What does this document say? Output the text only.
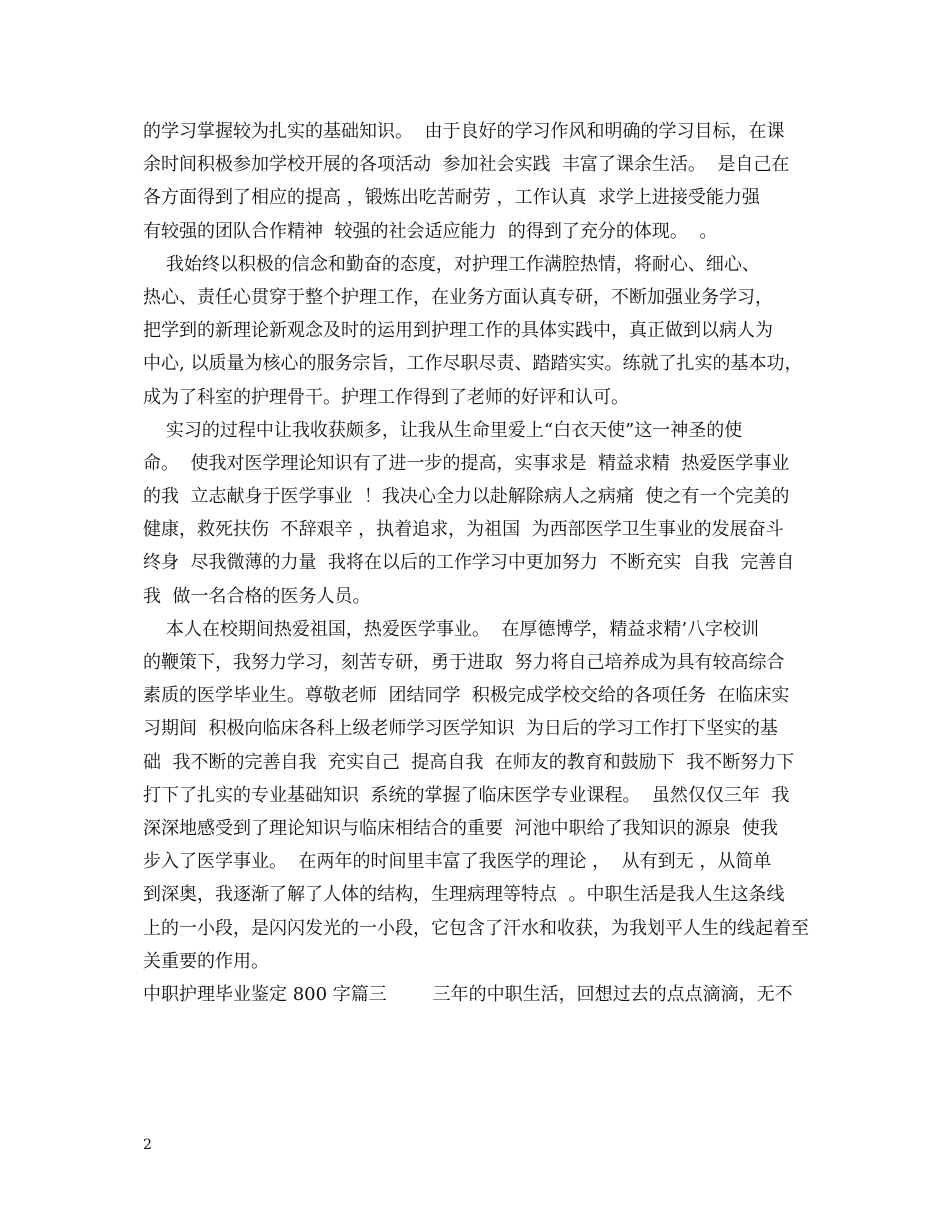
的学习掌握较为扎实的基础知识。  由于良好的学习作风和明确的学习目标，在课
余时间积极参加学校开展的各项活动  参加社会实践  丰富了课余生活。  是自己在
各方面得到了相应的提高 ，锻炼出吃苦耐劳 ，工作认真  求学上进接受能力强
有较强的团队合作精神  较强的社会适应能力  的得到了充分的体现。  。
我始终以积极的信念和勤奋的态度，对护理工作满腔热情，将耐心、细心、
热心、责任心贯穿于整个护理工作，在业务方面认真专研，不断加强业务学习，
把学到的新理论新观念及时的运用到护理工作的具体实践中，真正做到以病人为
中心, 以质量为核心的服务宗旨，工作尽职尽责、踏踏实实。练就了扎实的基本功，
成为了科室的护理骨干。护理工作得到了老师的好评和认可。
实习的过程中让我收获颇多，让我从生命里爱上“白衣天使”这一神圣的使
命。  使我对医学理论知识有了进一步的提高，实事求是  精益求精  热爱医学事业
的我  立志献身于医学事业  ！我决心全力以赴解除病人之病痛  使之有一个完美的
健康，救死扶伤  不辞艰辛 ，执着追求，为祖国  为西部医学卫生事业的发展奋斗
终身  尽我微薄的力量  我将在以后的工作学习中更加努力  不断充实  自我  完善自
我  做一名合格的医务人员。
本人在校期间热爱祖国，热爱医学事业。  在厚德博学，精益求精’八字校训
的鞭策下，我努力学习，刻苦专研，勇于进取  努力将自己培养成为具有较高综合
素质的医学毕业生。尊敬老师  团结同学  积极完成学校交给的各项任务  在临床实
习期间  积极向临床各科上级老师学习医学知识  为日后的学习工作打下坚实的基
础  我不断的完善自我  充实自己  提高自我  在师友的教育和鼓励下  我不断努力下
打下了扎实的专业基础知识  系统的掌握了临床医学专业课程。  虽然仅仅三年  我
深深地感受到了理论知识与临床相结合的重要  河池中职给了我知识的源泉  使我
步入了医学事业。  在两年的时间里丰富了我医学的理论 ，  从有到无 ，从简单
到深奥，我逐渐了解了人体的结构，生理病理等特点  。中职生活是我人生这条线
上的一小段，是闪闪发光的一小段，它包含了汗水和收获，为我划平人生的线起着至
关重要的作用。
中职护理毕业鉴定 800 字篇三        三年的中职生活，回想过去的点点滴滴，无不
2
